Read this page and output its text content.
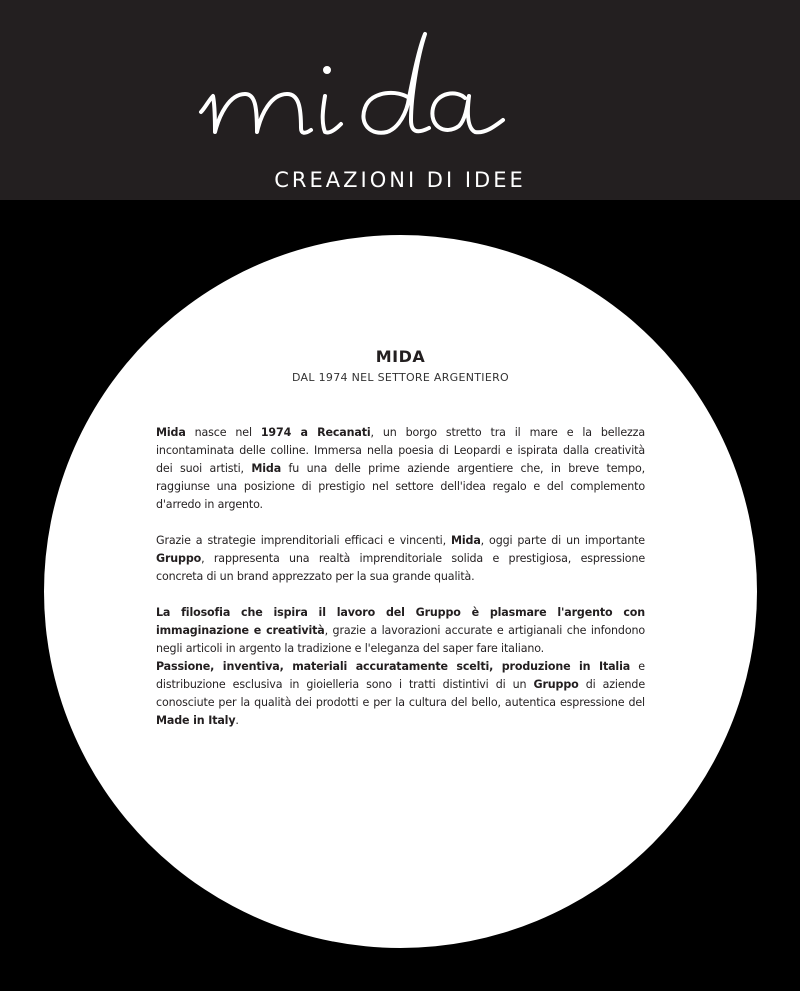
CREAZIONI DI IDEE
MIDA

DAL 1974 NEL SETTORE ARGENTIERO

Mida nasce nel 1974 a Recanati, un borgo stretto tra il mare e la bellezza incontaminata delle colline. Immersa nella poesia di Leopardi e ispirata dalla creatività dei suoi artisti, Mida fu una delle prime aziende argentiere che, in breve tempo, raggiunse una posizione di prestigio nel settore dell'idea regalo e del complemento d'arredo in argento.

Grazie a strategie imprenditoriali efficaci e vincenti, Mida, oggi parte di un importante Gruppo, rappresenta una realtà imprenditoriale solida e prestigiosa, espressione concreta di un brand apprezzato per la sua grande qualità.

La filosofia che ispira il lavoro del Gruppo è plasmare l'argento con immaginazione e creatività, grazie a lavorazioni accurate e artigianali che infondono negli articoli in argento la tradizione e l'eleganza del saper fare italiano.

Passione, inventiva, materiali accuratamente scelti, produzione in Italia e distribuzione esclusiva in gioielleria sono i tratti distintivi di un Gruppo di aziende conosciute per la qualità dei prodotti e per la cultura del bello, autentica espressione del Made in Italy.
